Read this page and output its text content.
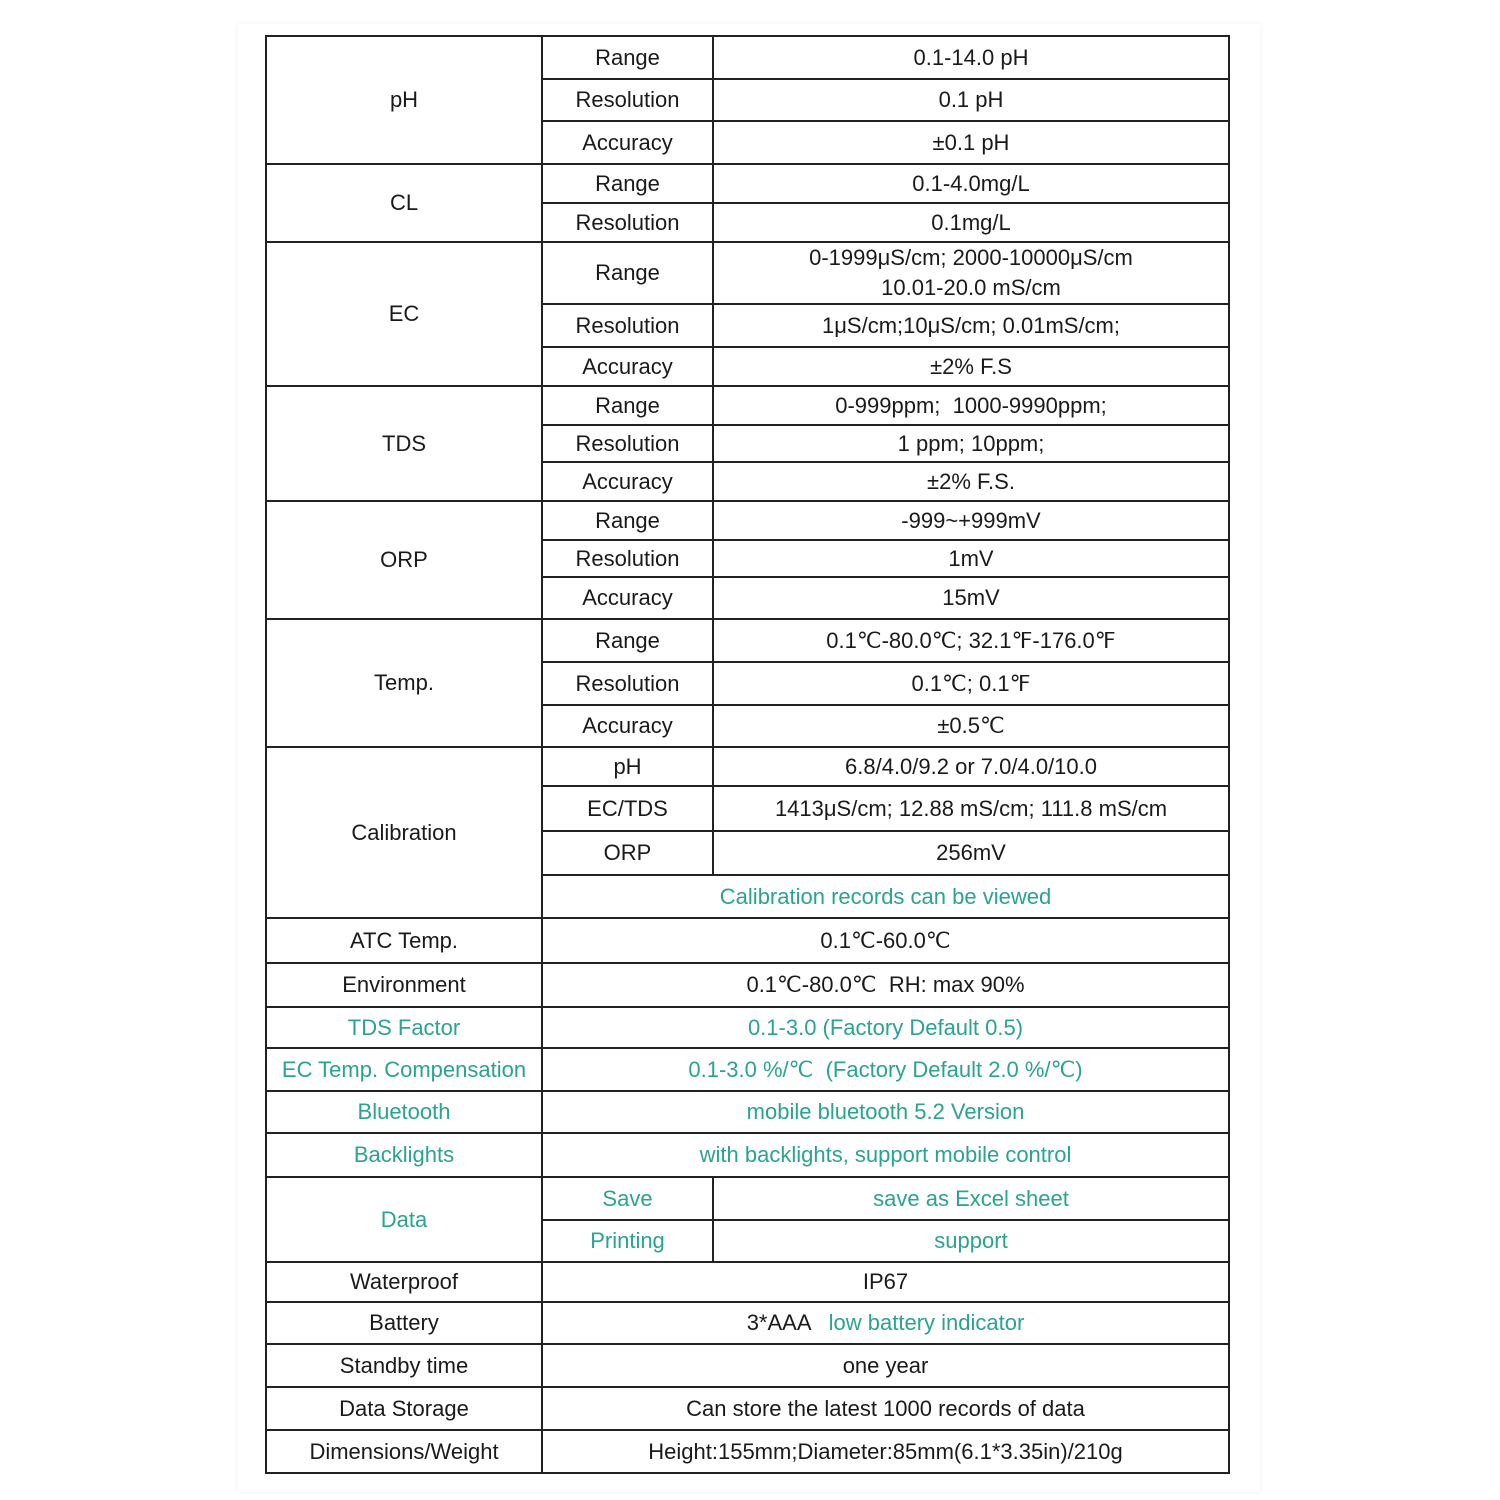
pH	Range	0.1-14.0 pH
	Resolution	0.1 pH
	Accuracy	±0.1 pH
CL	Range	0.1-4.0mg/L
	Resolution	0.1mg/L
EC	Range	0-1999μS/cm; 2000-10000μS/cm
10.01-20.0 mS/cm
	Resolution	1μS/cm;10μS/cm; 0.01mS/cm;
	Accuracy	±2% F.S
TDS	Range	0-999ppm;  1000-9990ppm;
	Resolution	1 ppm; 10ppm;
	Accuracy	±2% F.S.
ORP	Range	-999~+999mV
	Resolution	1mV
	Accuracy	15mV
Temp.	Range	0.1℃-80.0℃; 32.1℉-176.0℉
	Resolution	0.1℃; 0.1℉
	Accuracy	±0.5℃
Calibration	pH	6.8/4.0/9.2 or 7.0/4.0/10.0
	EC/TDS	1413μS/cm; 12.88 mS/cm; 111.8 mS/cm
	ORP	256mV
	Calibration records can be viewed	
ATC Temp.	0.1℃-60.0℃	
Environment	0.1℃-80.0℃  RH: max 90%	
TDS Factor	0.1-3.0 (Factory Default 0.5)	
EC Temp. Compensation	0.1-3.0 %/℃  (Factory Default 2.0 %/℃)	
Bluetooth	mobile bluetooth 5.2 Version	
Backlights	with backlights, support mobile control	
Data	Save	save as Excel sheet
	Printing	support
Waterproof	IP67	
Battery	3*AAA   low battery indicator	
Standby time	one year	
Data Storage	Can store the latest 1000 records of data	
Dimensions/Weight	Height:155mm;Diameter:85mm(6.1*3.35in)/210g	
